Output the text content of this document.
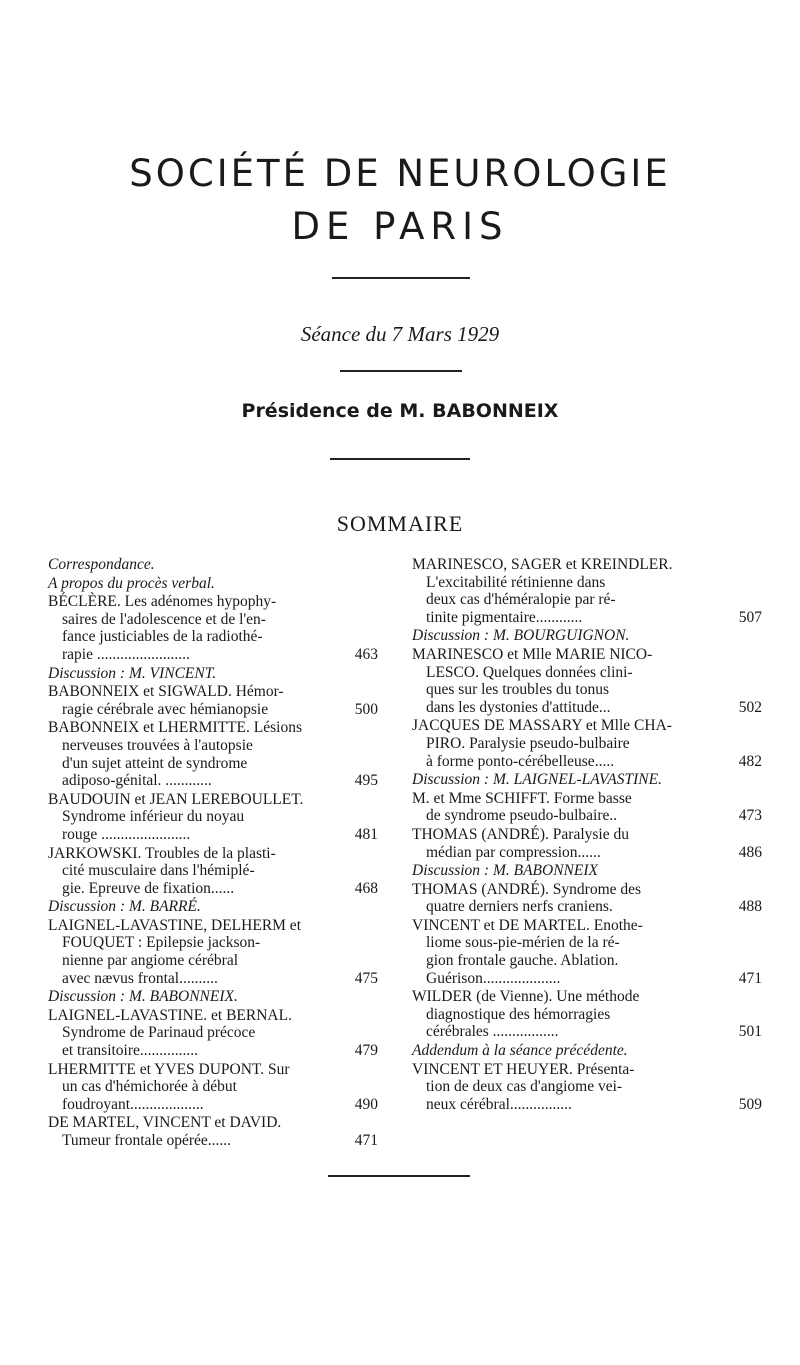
SOCIÉTÉ DE NEUROLOGIE
DE PARIS
Séance du 7 Mars 1929
Présidence de M. BABONNEIX
SOMMAIRE
Correspondance.
A propos du procès verbal.
BÉCLÈRE. Les adénomes hypophy-
saires de l'adolescence et de l'en-
fance justiciables de la radiothé-
rapie ........................	463
Discussion : M. VINCENT.
BABONNEIX et SIGWALD. Hémor-
ragie cérébrale avec hémianopsie	500
BABONNEIX et LHERMITTE. Lésions
nerveuses trouvées à l'autopsie
d'un sujet atteint de syndrome
adiposo-génital. ............	495
BAUDOUIN et JEAN LEREBOULLET.
Syndrome inférieur du noyau
rouge .......................	481
JARKOWSKI. Troubles de la plasti-
cité musculaire dans l'hémiplé-
gie. Epreuve de fixation......	468
Discussion : M. BARRÉ.
LAIGNEL-LAVASTINE, DELHERM et
FOUQUET : Epilepsie jackson-
nienne par angiome cérébral
avec nævus frontal..........	475
Discussion : M. BABONNEIX.
LAIGNEL-LAVASTINE. et BERNAL.
Syndrome de Parinaud précoce
et transitoire...............	479
LHERMITTE et YVES DUPONT. Sur
un cas d'hémichorée à début
foudroyant...................	490
DE MARTEL, VINCENT et DAVID.
Tumeur frontale opérée......	471
MARINESCO, SAGER et KREINDLER.
L'excitabilité rétinienne dans
deux cas d'héméralopie par ré-
tinite pigmentaire............	507
Discussion : M. BOURGUIGNON.
MARINESCO et Mlle MARIE NICO-
LESCO. Quelques données clini-
ques sur les troubles du tonus
dans les dystonies d'attitude...	502
JACQUES DE MASSARY et Mlle CHA-
PIRO. Paralysie pseudo-bulbaire
à forme ponto-cérébelleuse.....	482
Discussion : M. LAIGNEL-LAVASTINE.
M. et Mme SCHIFFT. Forme basse
de syndrome pseudo-bulbaire..	473
THOMAS (ANDRÉ). Paralysie du
médian par compression......	486
Discussion : M. BABONNEIX
THOMAS (ANDRÉ). Syndrome des
quatre derniers nerfs craniens.	488
VINCENT et DE MARTEL. Enothe-
liome sous-pie-mérien de la ré-
gion frontale gauche. Ablation.
Guérison....................	471
WILDER (de Vienne). Une méthode
diagnostique des hémorragies
cérébrales .................	501
Addendum à la séance précédente.
VINCENT ET HEUYER. Présenta-
tion de deux cas d'angiome vei-
neux cérébral................	509
